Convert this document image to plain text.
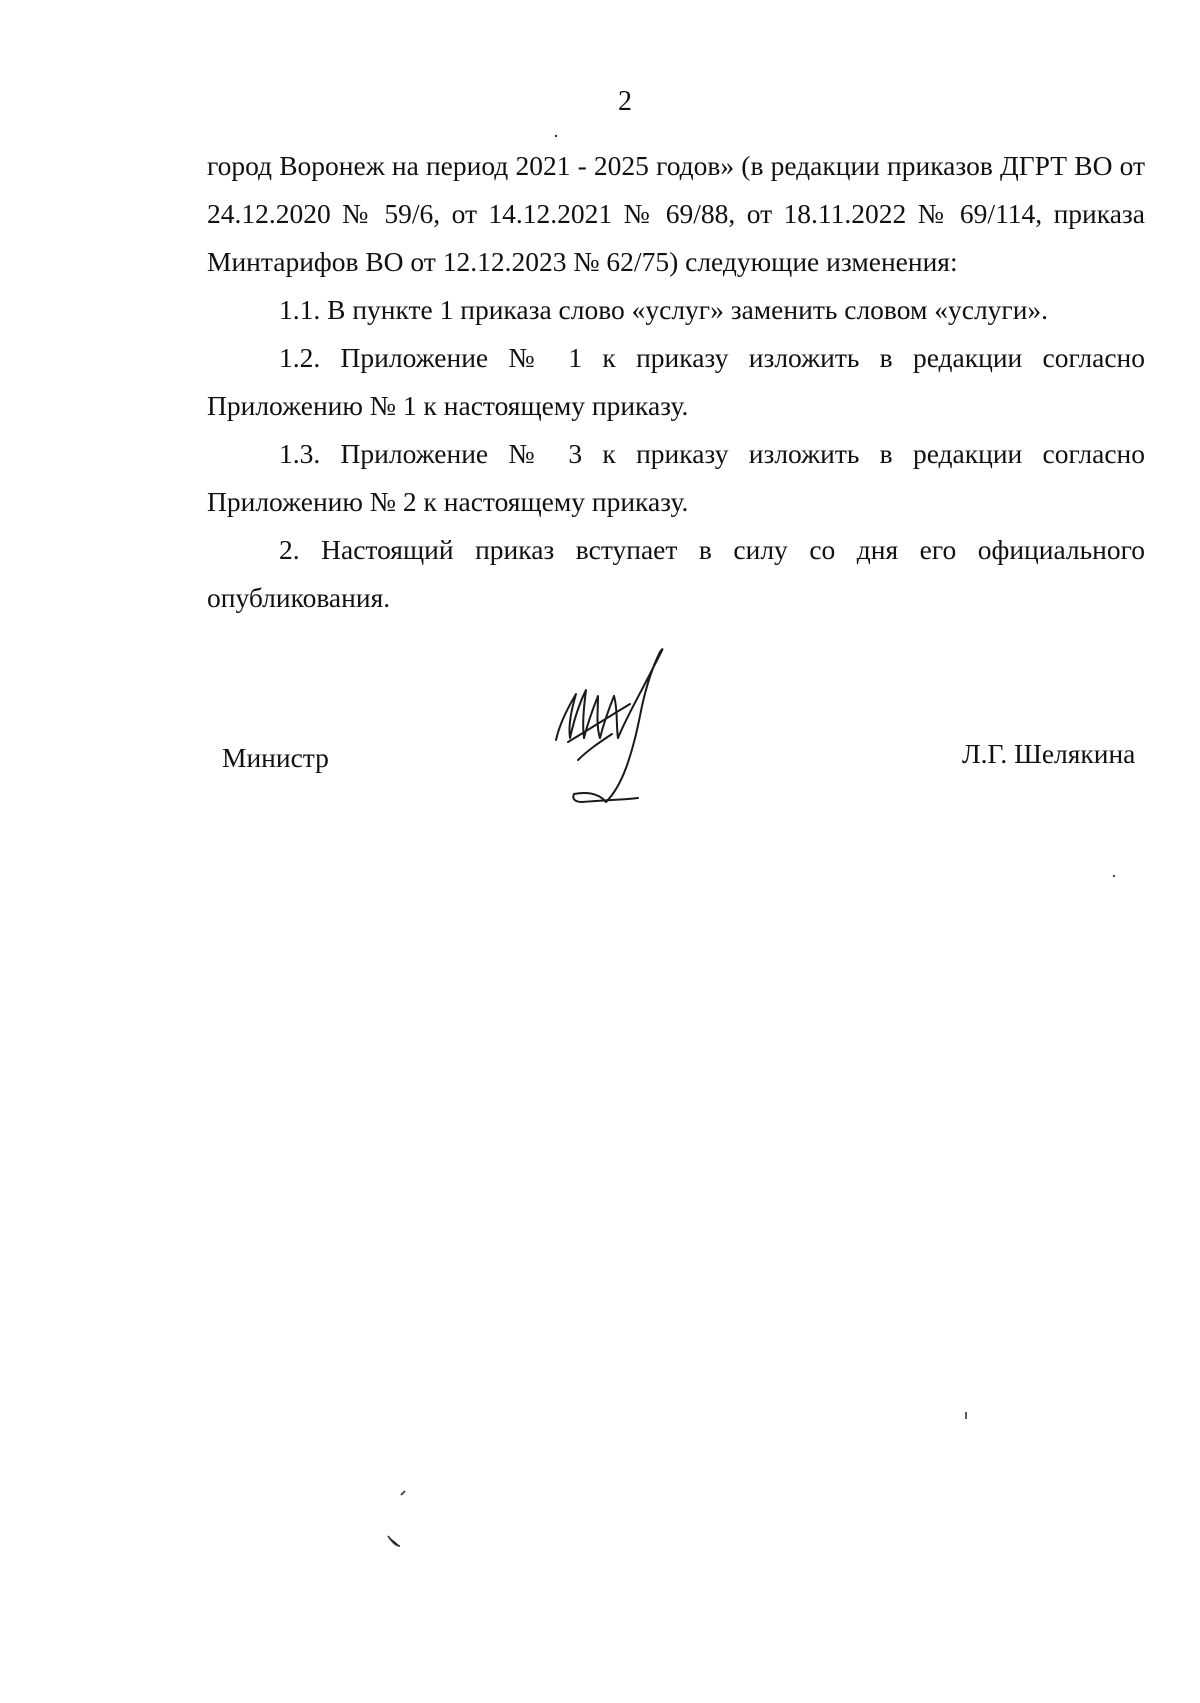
2

город Воронеж на период 2021 - 2025 годов» (в редакции приказов ДГРТ ВО от 24.12.2020 № 59/6, от 14.12.2021 № 69/88, от 18.11.2022 № 69/114, приказа Минтарифов ВО от 12.12.2023 № 62/75) следующие изменения:

1.1. В пункте 1 приказа слово «услуг» заменить словом «услуги».

1.2. Приложение № 1 к приказу изложить в редакции согласно Приложению № 1 к настоящему приказу.

1.3. Приложение № 3 к приказу изложить в редакции согласно Приложению № 2 к настоящему приказу.

2. Настоящий приказ вступает в силу со дня его официального опубликования.

Министр	Л.Г. Шелякина
